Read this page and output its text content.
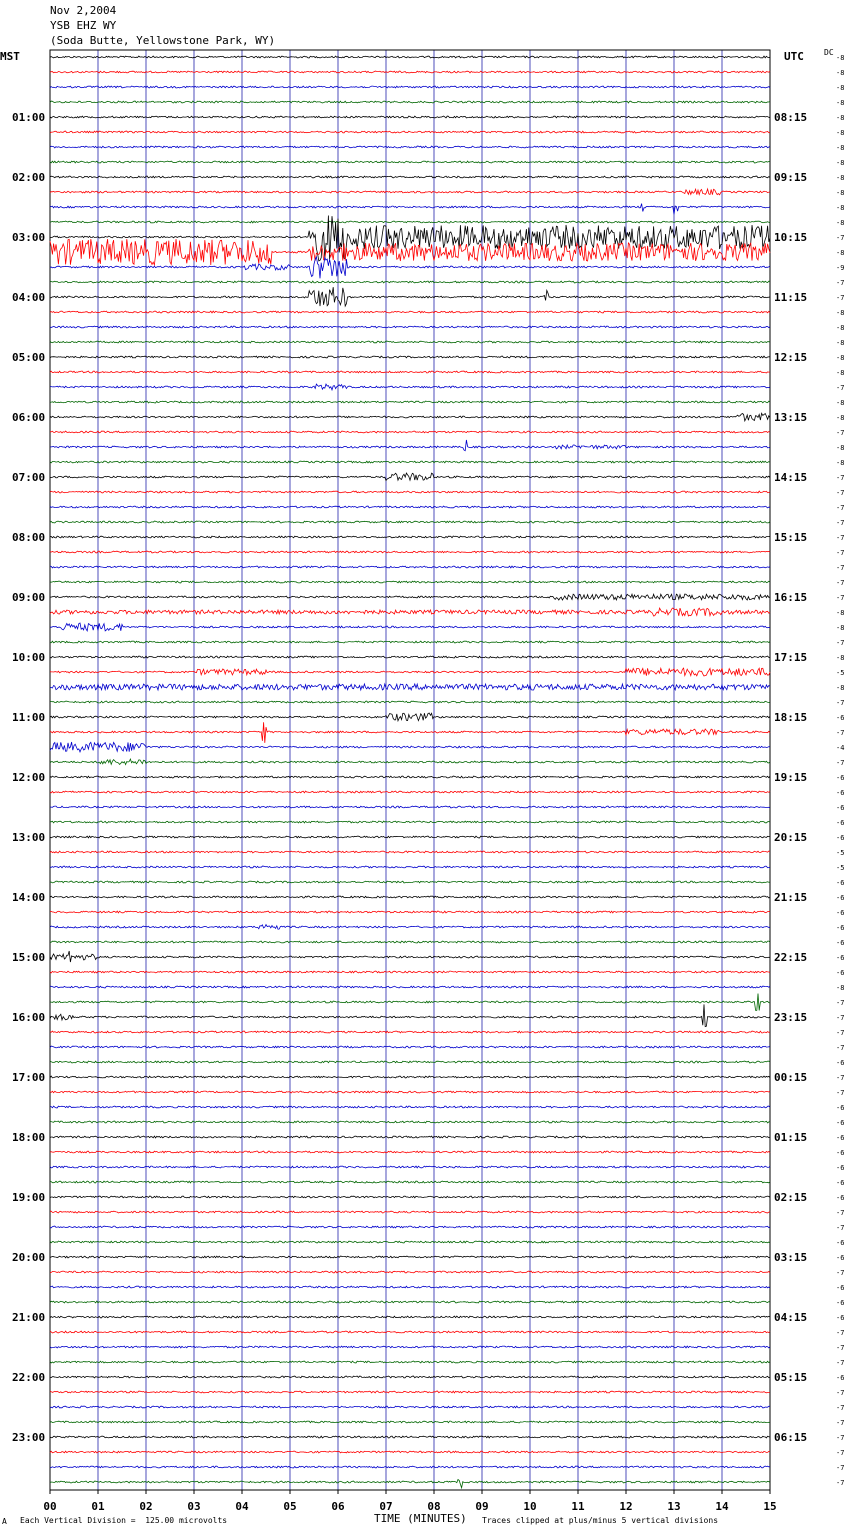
Nov 2,2004
YSB EHZ WY
(Soda Butte, Yellowstone Park, WY)
MST	UTC	DC
-8
-8
-8
-8
-8
-8
-8
-8
-8
-8
-8
-8
-7
-8
-9
-7
-7
-8
-8
-8
-8
-8
-7
-8
-8
-7
-8
-8
-7
-7
-7
-7
-7
-7
-7
-7
-7
-8
-8
-7
-8
-5
-8
-7
-6
-7
-4
-7
-6
-6
-6
-6
-6
-5
-5
-6
-6
-6
-6
-6
-6
-6
-8
-7
-7
-7
-7
-6
-7
-7
-6
-6
-6
-6
-6
-6
-6
-7
-7
-6
-6
-7
-6
-6
-6
-7
-7
-7
-6
-7
-7
-7
-7
-7
-7
-7
01:00
02:00
03:00
04:00
05:00
06:00
07:00
08:00
09:00
10:00
11:00
12:00
13:00
14:00
15:00
16:00
17:00
18:00
19:00
20:00
21:00
22:00
23:00
08:15
09:15
10:15
11:15
12:15
13:15
14:15
15:15
16:15
17:15
18:15
19:15
20:15
21:15
22:15
23:15
00:15
01:15
02:15
03:15
04:15
05:15
06:15
00	01	02	03	04	05	06	07	08	09	10	11	12	13	14	15
A Each Vertical Division =  125.00 microvolts	TIME (MINUTES) Traces clipped at plus/minus 5 vertical divisions
